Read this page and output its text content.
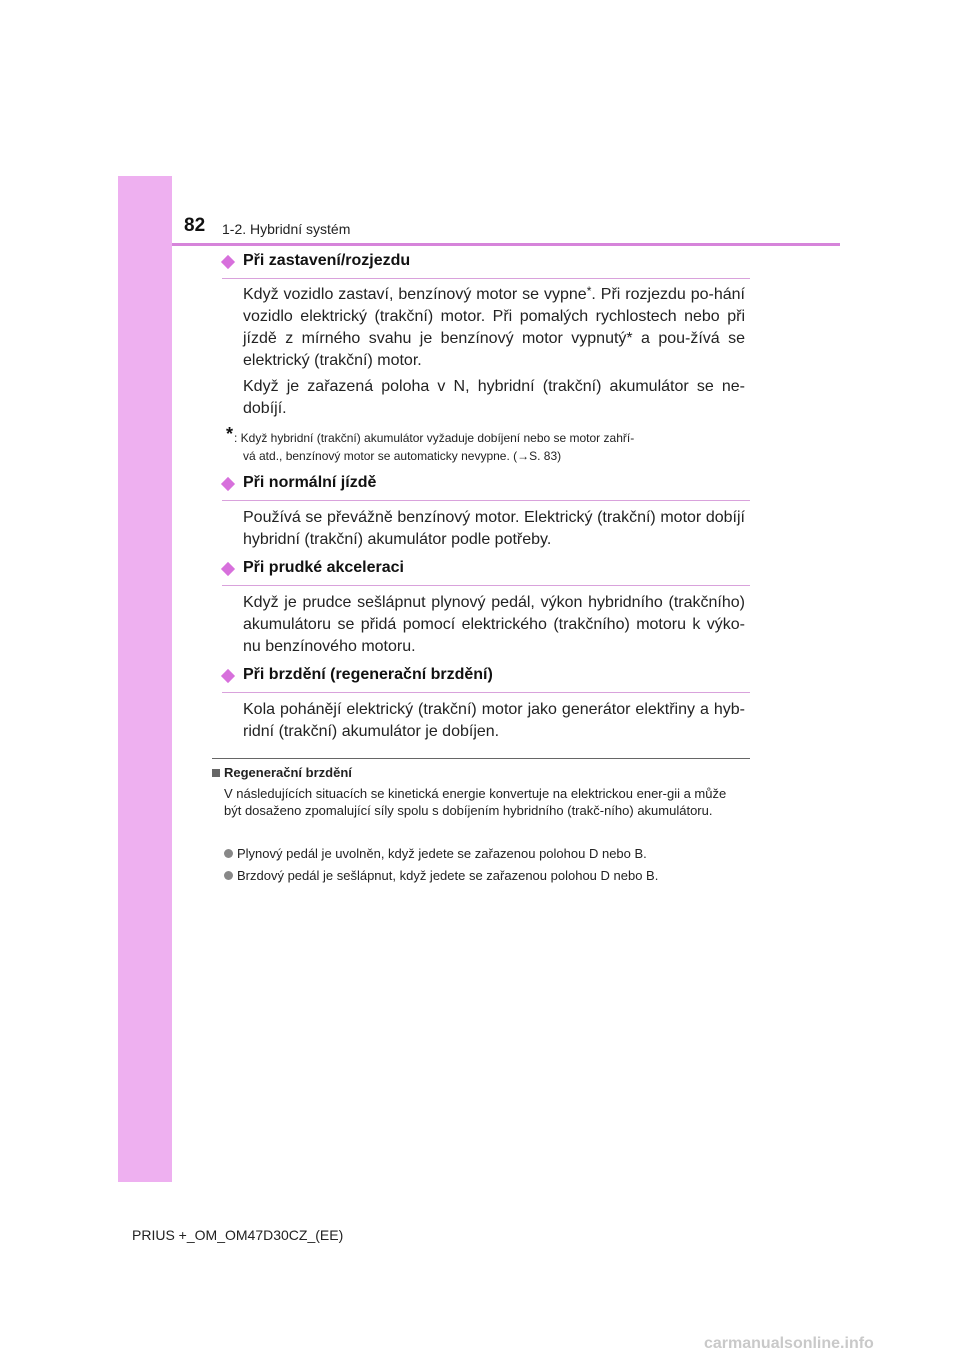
82 1-2. Hybridní systém
Při zastavení/rozjezdu
Když vozidlo zastaví, benzínový motor se vypne*. Při rozjezdu po-hání vozidlo elektrický (trakční) motor. Při pomalých rychlostech nebo při jízdě z mírného svahu je benzínový motor vypnutý* a pou-žívá se elektrický (trakční) motor.
Když je zařazená poloha v N, hybridní (trakční) akumulátor se ne-dobíjí.
* : Když hybridní (trakční) akumulátor vyžaduje dobíjení nebo se motor zahří-
vá atd., benzínový motor se automaticky nevypne. (→S. 83)
Při normální jízdě
Používá se převážně benzínový motor. Elektrický (trakční) motor dobíjí hybridní (trakční) akumulátor podle potřeby.
Při prudké akceleraci
Když je prudce sešlápnut plynový pedál, výkon hybridního (trakčního) akumulátoru se přidá pomocí elektrického (trakčního) motoru k výko-nu benzínového motoru.
Při brzdění (regenerační brzdění)
Kola pohánějí elektrický (trakční) motor jako generátor elektřiny a hyb-ridní (trakční) akumulátor je dobíjen.
Regenerační brzdění
V následujících situacích se kinetická energie konvertuje na elektrickou ener-gii a může být dosaženo zpomalující síly spolu s dobíjením hybridního (trakč-ního) akumulátoru.
Plynový pedál je uvolněn, když jedete se zařazenou polohou D nebo B.
Brzdový pedál je sešlápnut, když jedete se zařazenou polohou D nebo B.
PRIUS +_OM_OM47D30CZ_(EE)
carmanualsonline.info
